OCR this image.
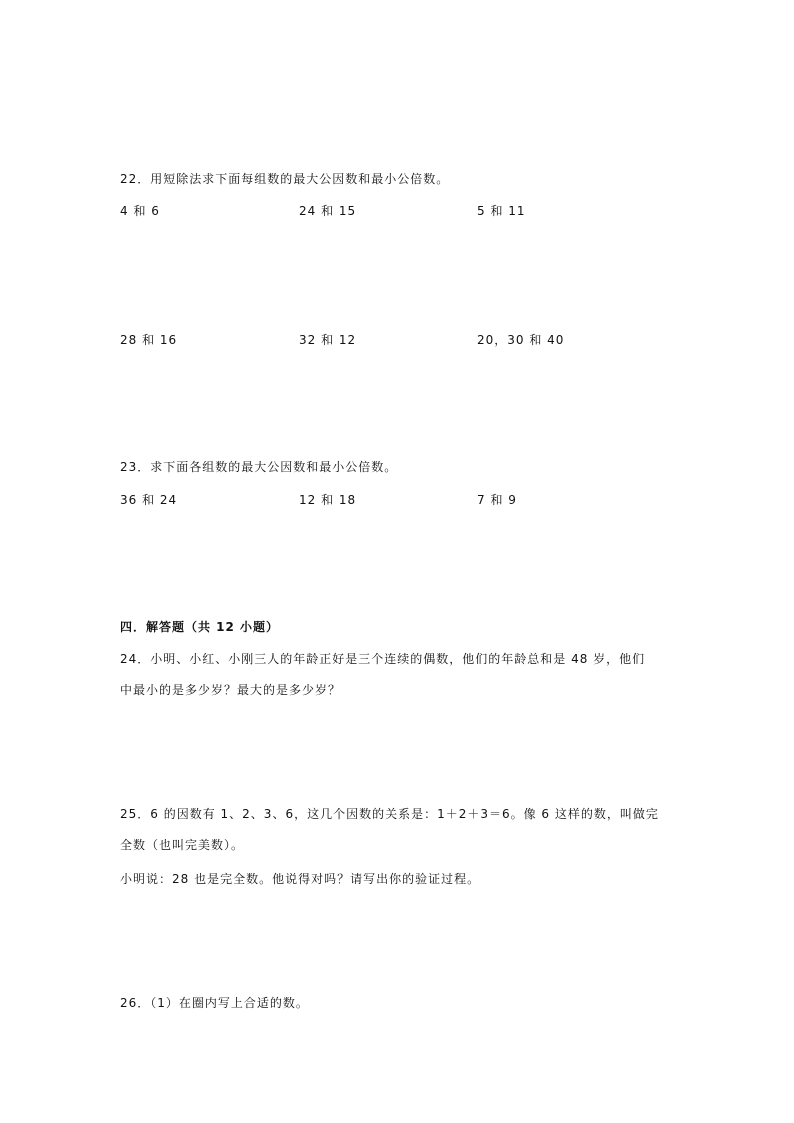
22．用短除法求下面每组数的最大公因数和最小公倍数。
4 和 6	24 和 15	5 和 11
28 和 16	32 和 12	20，30 和 40
23．求下面各组数的最大公因数和最小公倍数。
36 和 24	12 和 18	7 和 9
四．解答题（共 12 小题）
24．小明、小红、小刚三人的年龄正好是三个连续的偶数，他们的年龄总和是 48 岁，他们
中最小的是多少岁？最大的是多少岁？
25．6 的因数有 1、2、3、6，这几个因数的关系是：1＋2＋3＝6。像 6 这样的数，叫做完
全数（也叫完美数）。
小明说：28 也是完全数。他说得对吗？请写出你的验证过程。
26．（1）在圈内写上合适的数。
